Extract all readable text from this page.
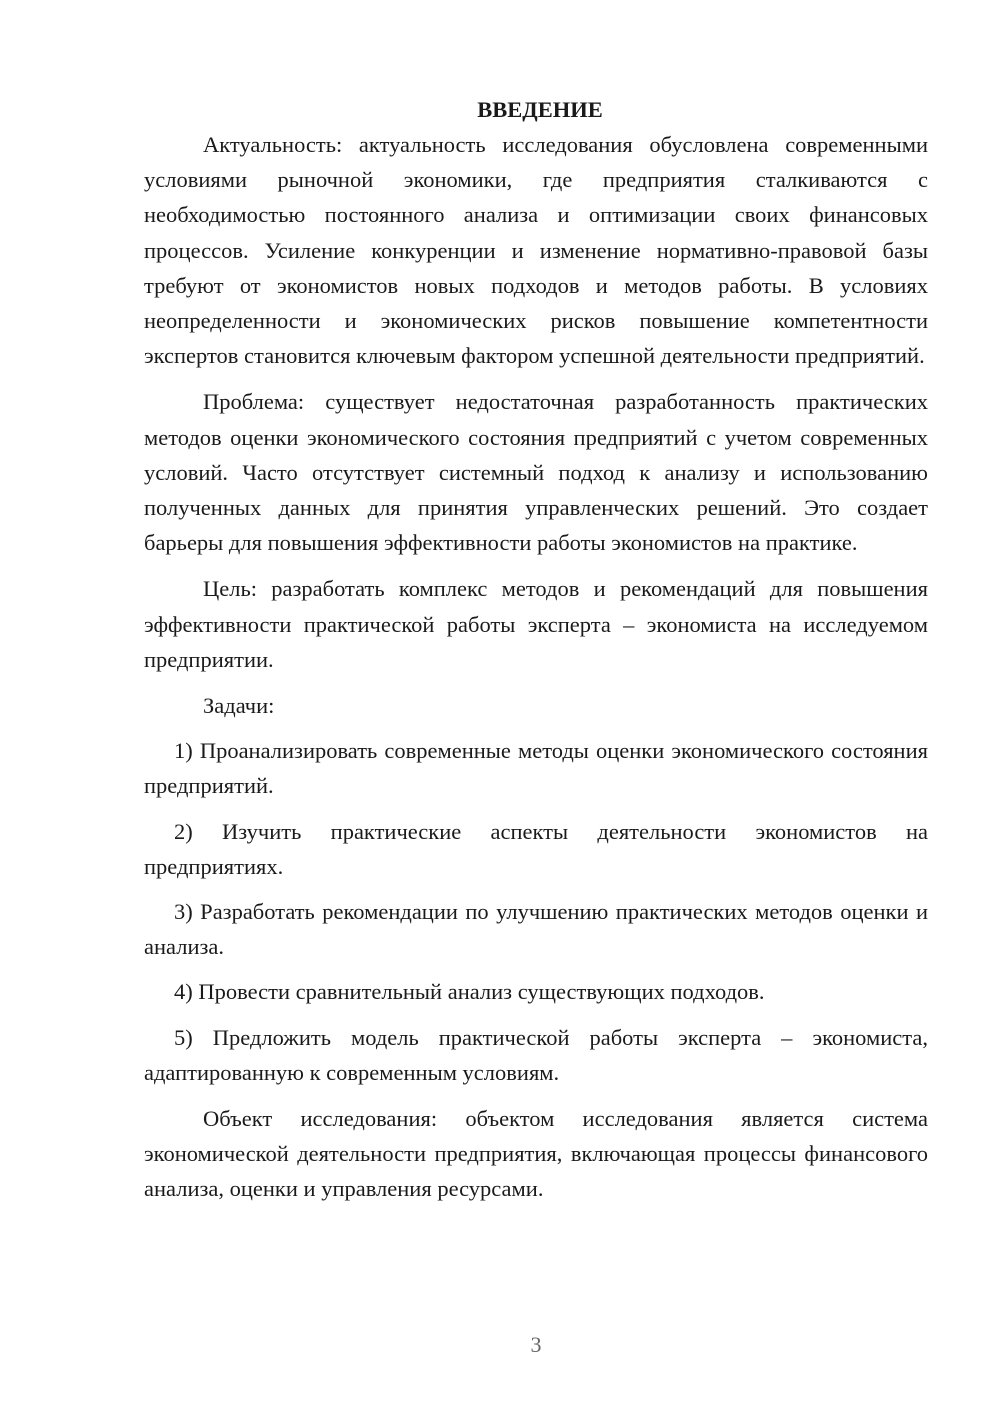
ВВЕДЕНИЕ

Актуальность: актуальность исследования обусловлена современными условиями рыночной экономики, где предприятия сталкиваются с необходимостью постоянного анализа и оптимизации своих финансовых процессов. Усиление конкуренции и изменение нормативно-правовой базы требуют от экономистов новых подходов и методов работы. В условиях неопределенности и экономических рисков повышение компетентности экспертов становится ключевым фактором успешной деятельности предприятий.

Проблема: существует недостаточная разработанность практических методов оценки экономического состояния предприятий с учетом современных условий. Часто отсутствует системный подход к анализу и использованию полученных данных для принятия управленческих решений. Это создает барьеры для повышения эффективности работы экономистов на практике.

Цель: разработать комплекс методов и рекомендаций для повышения эффективности практической работы эксперта – экономиста на исследуемом предприятии.

Задачи:

1) Проанализировать современные методы оценки экономического состояния предприятий.

2) Изучить практические аспекты деятельности экономистов на предприятиях.

3) Разработать рекомендации по улучшению практических методов оценки и анализа.

4) Провести сравнительный анализ существующих подходов.

5) Предложить модель практической работы эксперта – экономиста, адаптированную к современным условиям.

Объект исследования: объектом исследования является система экономической деятельности предприятия, включающая процессы финансового анализа, оценки и управления ресурсами.

3
